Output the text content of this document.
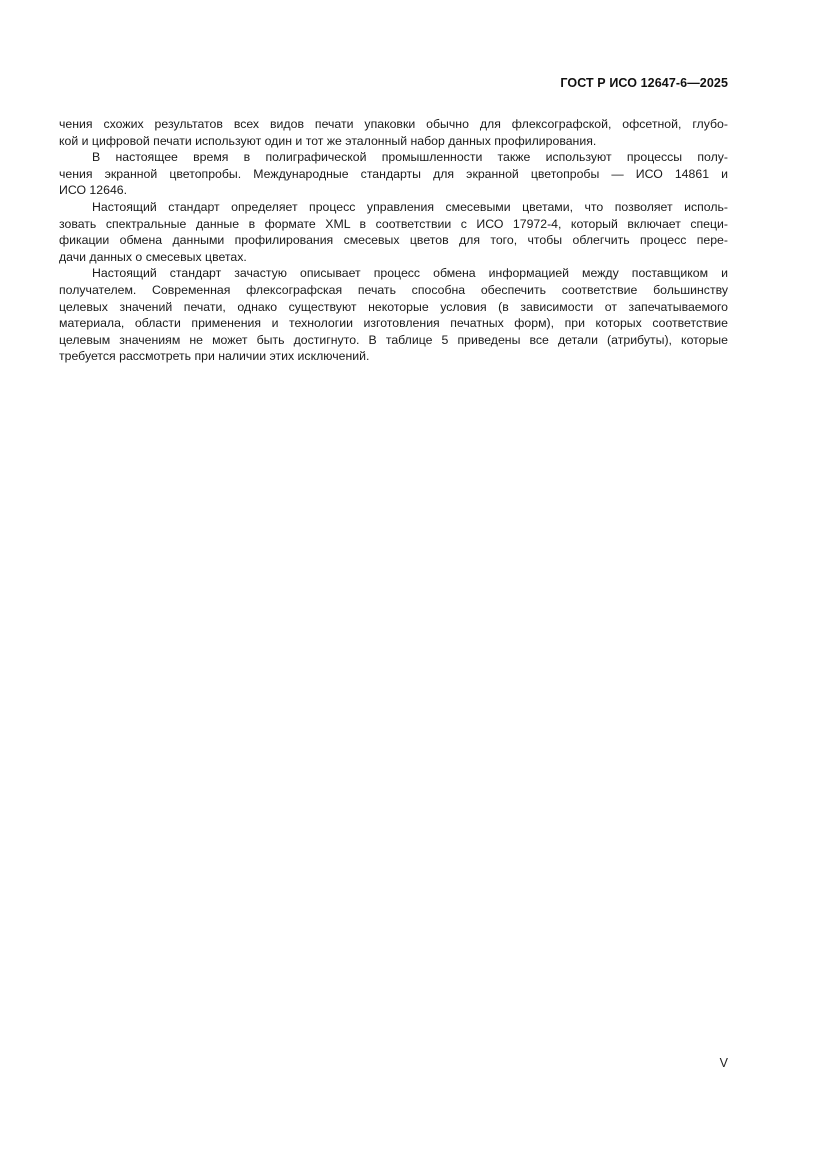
ГОСТ Р ИСО 12647-6—2025
чения схожих результатов всех видов печати упаковки обычно для флексографской, офсетной, глубо-
кой и цифровой печати используют один и тот же эталонный набор данных профилирования.
В настоящее время в полиграфической промышленности также используют процессы полу-
чения экранной цветопробы. Международные стандарты для экранной цветопробы — ИСО 14861 и
ИСО 12646.
Настоящий стандарт определяет процесс управления смесевыми цветами, что позволяет исполь-
зовать спектральные данные в формате XML в соответствии с ИСО 17972-4, который включает специ-
фикации обмена данными профилирования смесевых цветов для того, чтобы облегчить процесс пере-
дачи данных о смесевых цветах.
Настоящий стандарт зачастую описывает процесс обмена информацией между поставщиком и
получателем. Современная флексографская печать способна обеспечить соответствие большинству
целевых значений печати, однако существуют некоторые условия (в зависимости от запечатываемого
материала, области применения и технологии изготовления печатных форм), при которых соответствие
целевым значениям не может быть достигнуто. В таблице 5 приведены все детали (атрибуты), которые
требуется рассмотреть при наличии этих исключений.
V
